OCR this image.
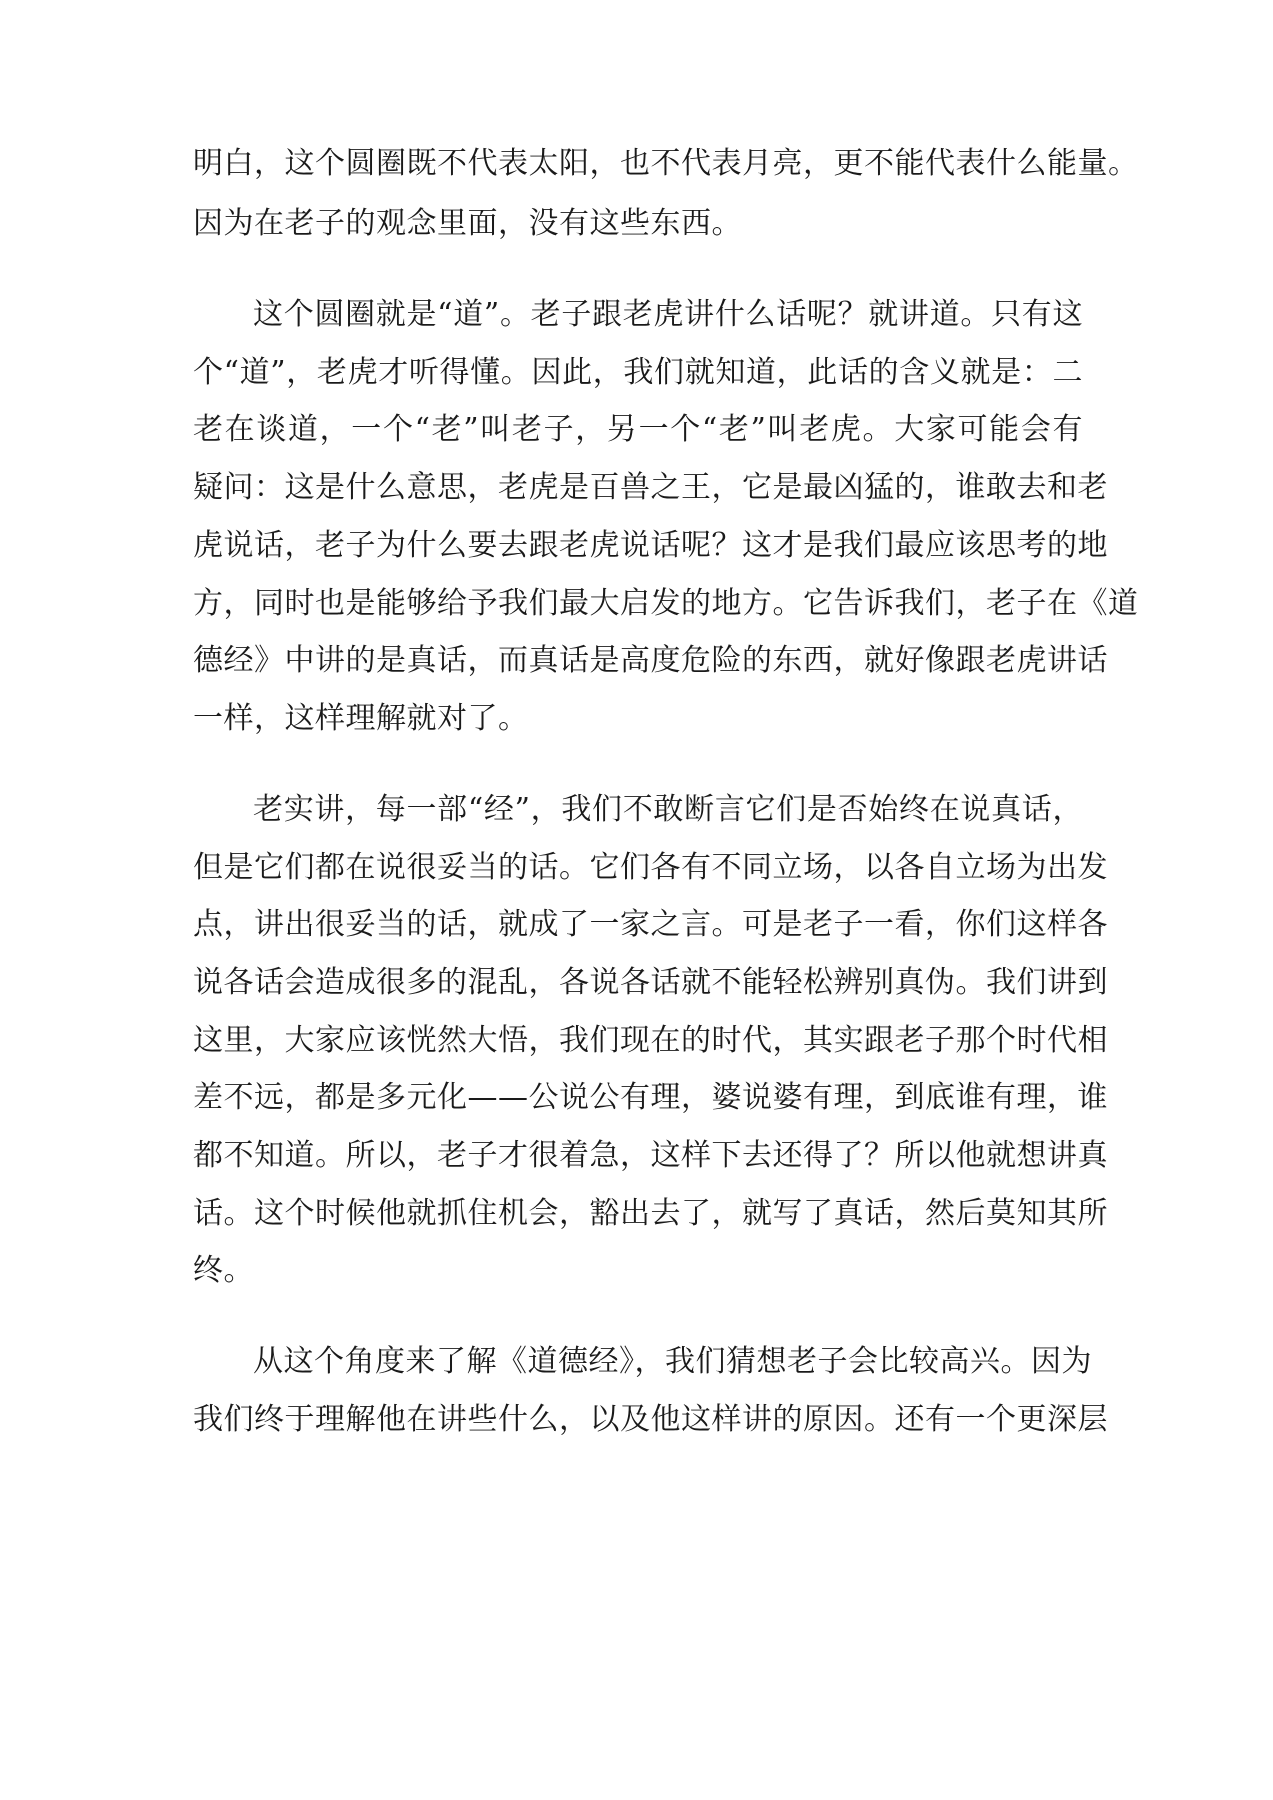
明白，这个圆圈既不代表太阳，也不代表月亮，更不能代表什么能量。

因为在老子的观念里面，没有这些东西。

这个圆圈就是“道”。老子跟老虎讲什么话呢？就讲道。只有这

个“道”，老虎才听得懂。因此，我们就知道，此话的含义就是：二

老在谈道，一个“老”叫老子，另一个“老”叫老虎。大家可能会有

疑问：这是什么意思，老虎是百兽之王，它是最凶猛的，谁敢去和老

虎说话，老子为什么要去跟老虎说话呢？这才是我们最应该思考的地

方，同时也是能够给予我们最大启发的地方。它告诉我们，老子在《道

德经》中讲的是真话，而真话是高度危险的东西，就好像跟老虎讲话

一样，这样理解就对了。

老实讲，每一部“经”，我们不敢断言它们是否始终在说真话，

但是它们都在说很妥当的话。它们各有不同立场，以各自立场为出发

点，讲出很妥当的话，就成了一家之言。可是老子一看，你们这样各

说各话会造成很多的混乱，各说各话就不能轻松辨别真伪。我们讲到

这里，大家应该恍然大悟，我们现在的时代，其实跟老子那个时代相

差不远，都是多元化——公说公有理，婆说婆有理，到底谁有理，谁

都不知道。所以，老子才很着急，这样下去还得了？所以他就想讲真

话。这个时候他就抓住机会，豁出去了，就写了真话，然后莫知其所

终。

从这个角度来了解《道德经》，我们猜想老子会比较高兴。因为

我们终于理解他在讲些什么，以及他这样讲的原因。还有一个更深层
